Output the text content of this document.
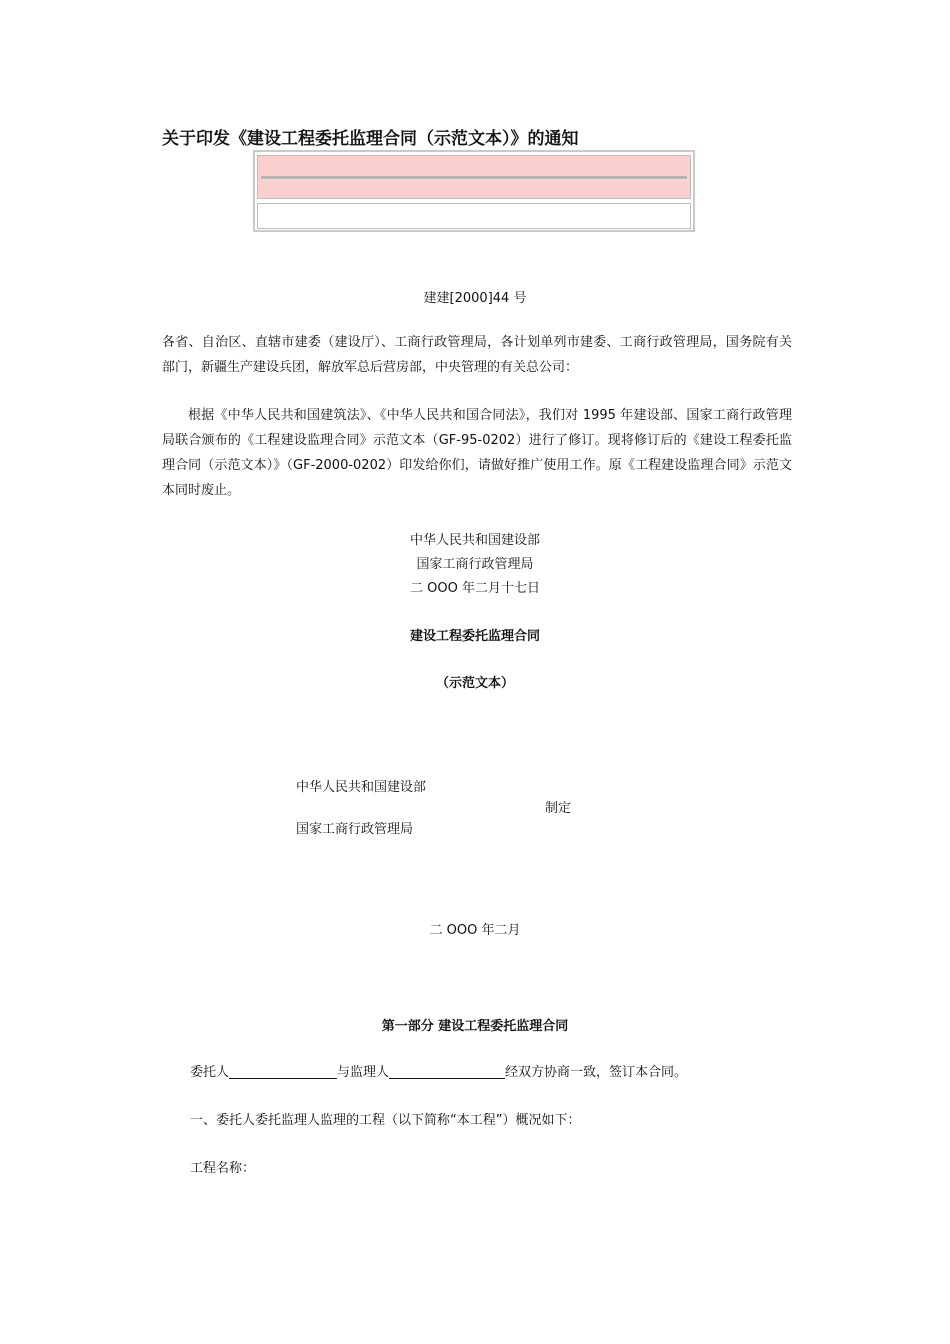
关于印发《建设工程委托监理合同（示范文本）》的通知
建建[2000]44 号
各省、自治区、直辖市建委（建设厅）、工商行政管理局，各计划单列市建委、工商行政管理局，国务院有关部门，新疆生产建设兵团，解放军总后营房部，中央管理的有关总公司：
根据《中华人民共和国建筑法》、《中华人民共和国合同法》，我们对 1995 年建设部、国家工商行政管理局联合颁布的《工程建设监理合同》示范文本（GF-95-0202）进行了修订。现将修订后的《建设工程委托监理合同（示范文本）》（GF-2000-0202）印发给你们，请做好推广使用工作。原《工程建设监理合同》示范文本同时废止。
中华人民共和国建设部
国家工商行政管理局
二 OOO 年二月十七日
建设工程委托监理合同
（示范文本）
中华人民共和国建设部
制定
国家工商行政管理局
二 OOO 年二月
第一部分 建设工程委托监理合同
委托人	与监理人	经双方协商一致，签订本合同。
一、委托人委托监理人监理的工程（以下简称“本工程”）概况如下：
工程名称：
